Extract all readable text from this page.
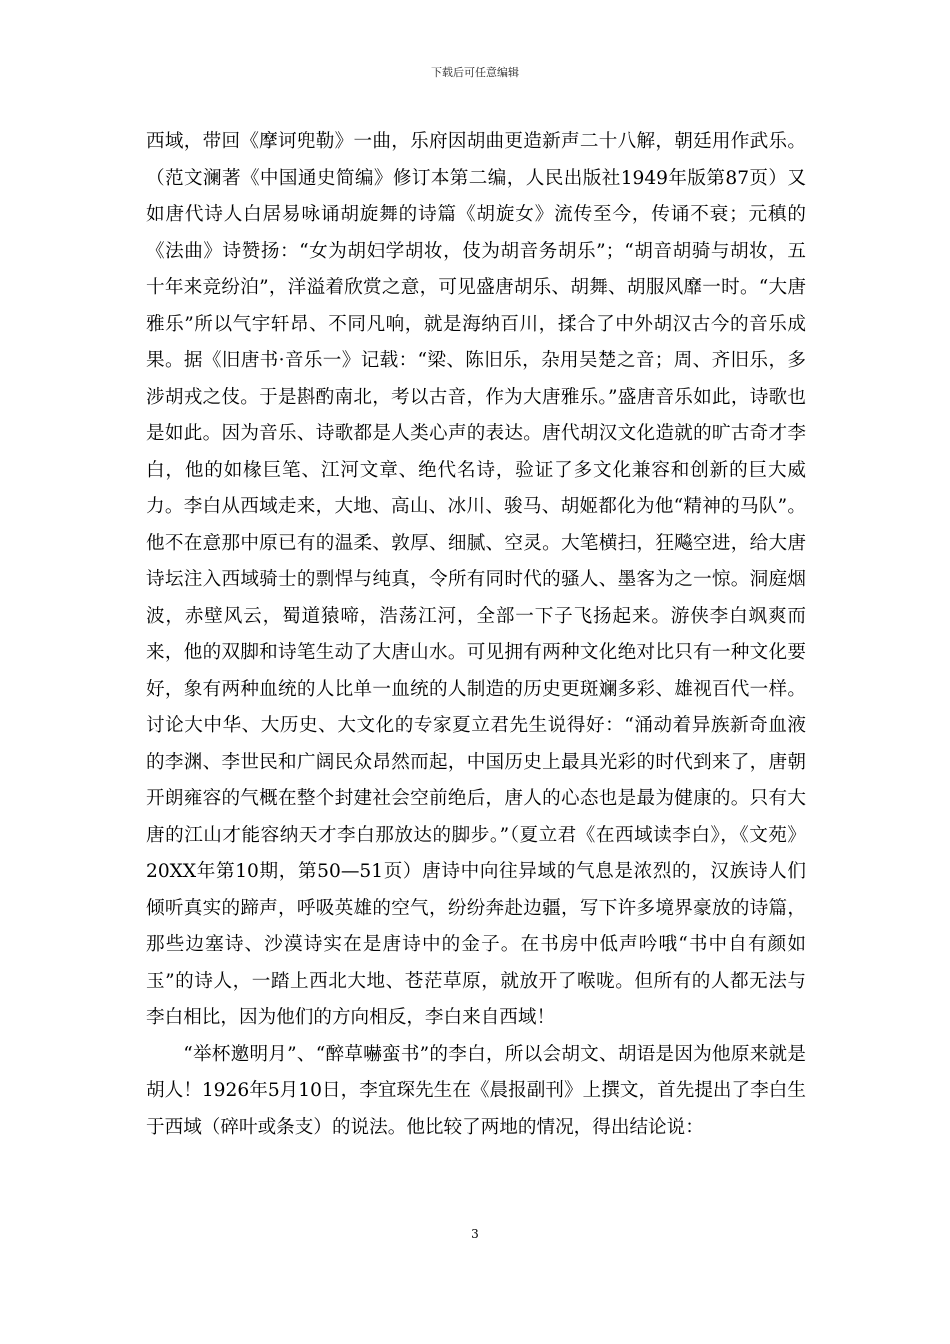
下载后可任意编辑

西域，带回《摩诃兜勒》一曲，乐府因胡曲更造新声二十八解，朝廷用作武乐。（范文澜著《中国通史简编》修订本第二编，人民出版社1949年版第87页）又如唐代诗人白居易咏诵胡旋舞的诗篇《胡旋女》流传至今，传诵不衰；元稹的《法曲》诗赞扬：“女为胡妇学胡妆，伎为胡音务胡乐”；“胡音胡骑与胡妆，五十年来竞纷泊”，洋溢着欣赏之意，可见盛唐胡乐、胡舞、胡服风靡一时。“大唐雅乐”所以气宇轩昂、不同凡响，就是海纳百川，揉合了中外胡汉古今的音乐成果。据《旧唐书·音乐一》记载：“梁、陈旧乐，杂用吴楚之音；周、齐旧乐，多涉胡戎之伎。于是斟酌南北，考以古音，作为大唐雅乐。”盛唐音乐如此，诗歌也是如此。因为音乐、诗歌都是人类心声的表达。唐代胡汉文化造就的旷古奇才李白，他的如椽巨笔、江河文章、绝代名诗，验证了多文化兼容和创新的巨大威力。李白从西域走来，大地、高山、冰川、骏马、胡姬都化为他“精神的马队”。他不在意那中原已有的温柔、敦厚、细腻、空灵。大笔横扫，狂飚空进，给大唐诗坛注入西域骑士的剽悍与纯真，令所有同时代的骚人、墨客为之一惊。洞庭烟波，赤壁风云，蜀道猿啼，浩荡江河，全部一下子飞扬起来。游侠李白飒爽而来，他的双脚和诗笔生动了大唐山水。可见拥有两种文化绝对比只有一种文化要好，象有两种血统的人比单一血统的人制造的历史更斑斓多彩、雄视百代一样。讨论大中华、大历史、大文化的专家夏立君先生说得好：“涌动着异族新奇血液的李渊、李世民和广阔民众昂然而起，中国历史上最具光彩的时代到来了，唐朝开朗雍容的气概在整个封建社会空前绝后，唐人的心态也是最为健康的。只有大唐的江山才能容纳天才李白那放达的脚步。”（夏立君《在西域读李白》，《文苑》20XX年第10期，第50—51页）唐诗中向往异域的气息是浓烈的，汉族诗人们倾听真实的蹄声，呼吸英雄的空气，纷纷奔赴边疆，写下许多境界豪放的诗篇，那些边塞诗、沙漠诗实在是唐诗中的金子。在书房中低声吟哦“书中自有颜如玉”的诗人，一踏上西北大地、苍茫草原，就放开了喉咙。但所有的人都无法与李白相比，因为他们的方向相反，李白来自西域！

“举杯邀明月”、“醉草嚇蛮书”的李白，所以会胡文、胡语是因为他原来就是胡人！1926年5月10日，李宜琛先生在《晨报副刊》上撰文，首先提出了李白生于西域（碎叶或条支）的说法。他比较了两地的情况，得出结论说：

3
